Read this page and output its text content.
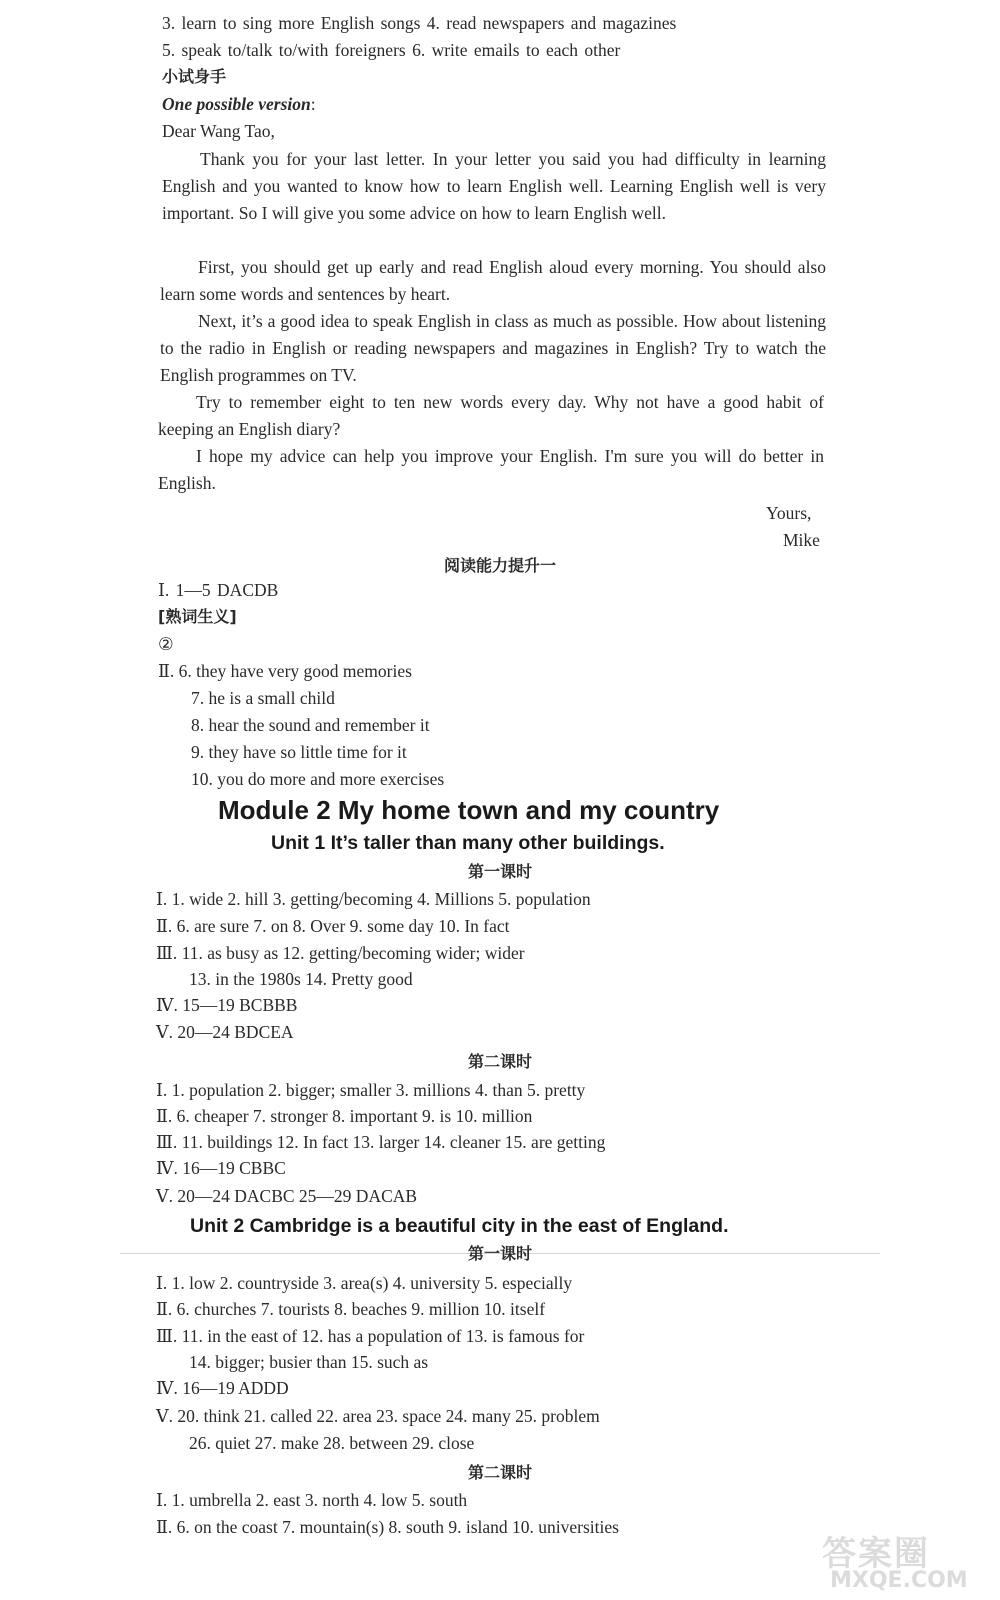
3. learn to sing more English songs 4. read newspapers and magazines
5. speak to/talk to/with foreigners 6. write emails to each other
小试身手
One possible version:
Dear Wang Tao,
Thank you for your last letter. In your letter you said you had difficulty in learning English and you wanted to know how to learn English well. Learning English well is very important. So I will give you some advice on how to learn English well.
First, you should get up early and read English aloud every morning. You should also learn some words and sentences by heart.
Next, it’s a good idea to speak English in class as much as possible. How about listening to the radio in English or reading newspapers and magazines in English? Try to watch the English programmes on TV.
Try to remember eight to ten new words every day. Why not have a good habit of keeping an English diary?
I hope my advice can help you improve your English. I'm sure you will do better in English.
Yours,
Mike
阅读能力提升一
Ⅰ. 1—5 DACDB
[熟词生义]
②
Ⅱ. 6. they have very good memories
7. he is a small child
8. hear the sound and remember it
9. they have so little time for it
10. you do more and more exercises
Module 2 My home town and my country
Unit 1 It’s taller than many other buildings.
第一课时
Ⅰ. 1. wide 2. hill 3. getting/becoming 4. Millions 5. population
Ⅱ. 6. are sure 7. on 8. Over 9. some day 10. In fact
Ⅲ. 11. as busy as 12. getting/becoming wider; wider
13. in the 1980s 14. Pretty good
Ⅳ. 15—19 BCBBB
Ⅴ. 20—24 BDCEA
第二课时
Ⅰ. 1. population 2. bigger; smaller 3. millions 4. than 5. pretty
Ⅱ. 6. cheaper 7. stronger 8. important 9. is 10. million
Ⅲ. 11. buildings 12. In fact 13. larger 14. cleaner 15. are getting
Ⅳ. 16—19 CBBC
Ⅴ. 20—24 DACBC 25—29 DACAB
Unit 2 Cambridge is a beautiful city in the east of England.
第一课时
Ⅰ. 1. low 2. countryside 3. area(s) 4. university 5. especially
Ⅱ. 6. churches 7. tourists 8. beaches 9. million 10. itself
Ⅲ. 11. in the east of 12. has a population of 13. is famous for
14. bigger; busier than 15. such as
Ⅳ. 16—19 ADDD
Ⅴ. 20. think 21. called 22. area 23. space 24. many 25. problem
26. quiet 27. make 28. between 29. close
第二课时
Ⅰ. 1. umbrella 2. east 3. north 4. low 5. south
Ⅱ. 6. on the coast 7. mountain(s) 8. south 9. island 10. universities
答案圈
MXQE.COM
